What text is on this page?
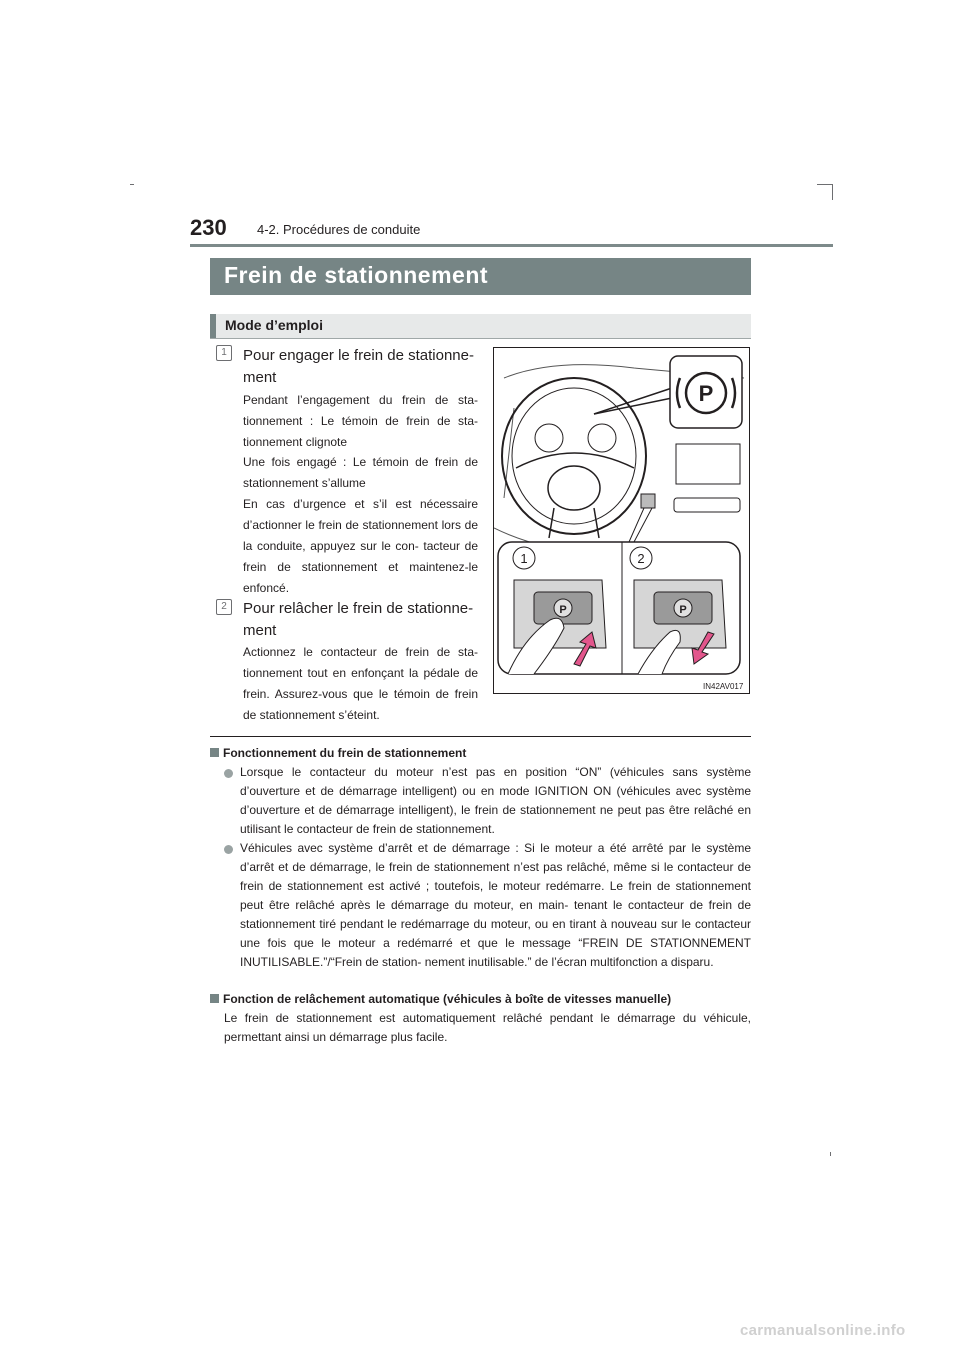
230 4-2. Procédures de conduite
Frein de stationnement
Mode d’emploi
1	Pour engager le frein de stationne-
ment
Pendant l’engagement du frein de sta- tionnement : Le témoin de frein de sta- tionnement clignote
Une fois engagé : Le témoin de frein de stationnement s’allume
En cas d’urgence et s’il est nécessaire d’actionner le frein de stationnement lors de la conduite, appuyez sur le con- tacteur de frein de stationnement et maintenez-le enfoncé.
2	Pour relâcher le frein de stationne-
ment
Actionnez le contacteur de frein de sta- tionnement tout en enfonçant la pédale de frein. Assurez-vous que le témoin de frein de stationnement s’éteint.
P
1	2
P	P
IN42AV017
Fonctionnement du frein de stationnement
Lorsque le contacteur du moteur n’est pas en position “ON” (véhicules sans système d’ouverture et de démarrage intelligent) ou en mode IGNITION ON (véhicules avec système d’ouverture et de démarrage intelligent), le frein de stationnement ne peut pas être relâché en utilisant le contacteur de frein de stationnement.
Véhicules avec système d’arrêt et de démarrage : Si le moteur a été arrêté par le système d’arrêt et de démarrage, le frein de stationnement n’est pas relâché, même si le contacteur de frein de stationnement est activé ; toutefois, le moteur redémarre. Le frein de stationnement peut être relâché après le démarrage du moteur, en main- tenant le contacteur de frein de stationnement tiré pendant le redémarrage du moteur, ou en tirant à nouveau sur le contacteur une fois que le moteur a redémarré et que le message “FREIN DE STATIONNEMENT INUTILISABLE.”/“Frein de station- nement inutilisable.” de l’écran multifonction a disparu.
Fonction de relâchement automatique (véhicules à boîte de vitesses manuelle)
Le frein de stationnement est automatiquement relâché pendant le démarrage du véhicule, permettant ainsi un démarrage plus facile.
carmanualsonline.info
